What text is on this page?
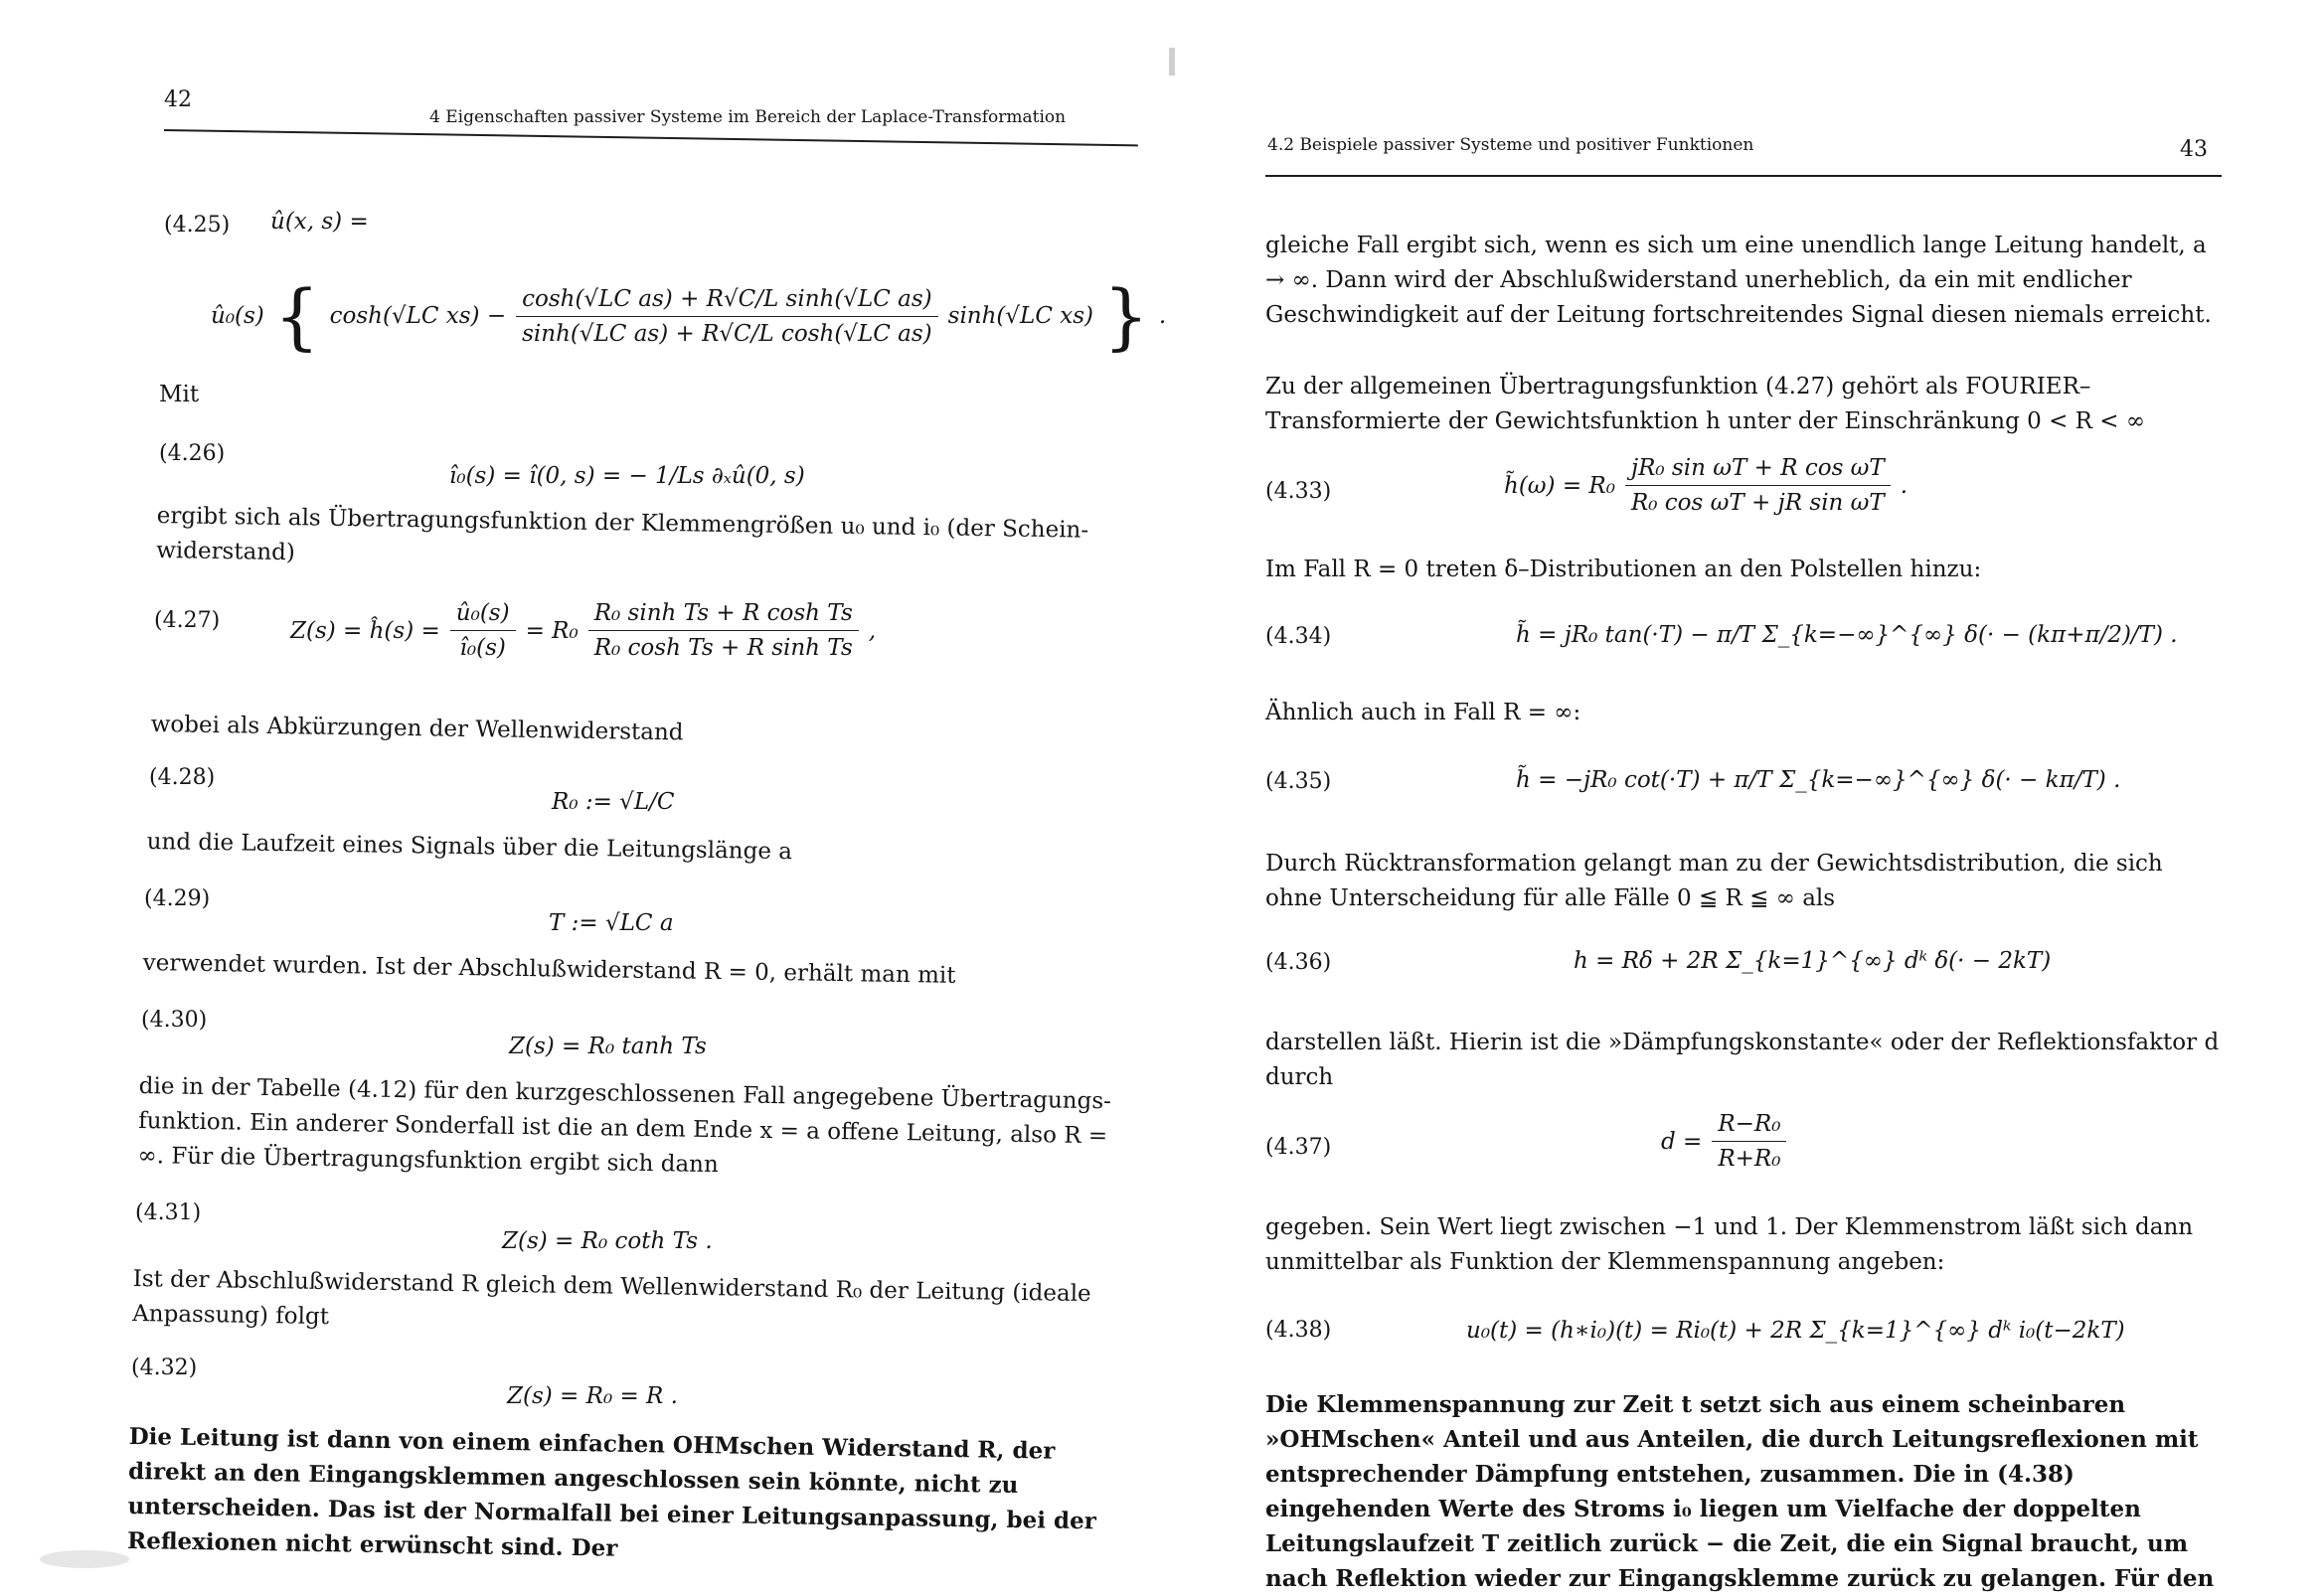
42
4 Eigenschaften passiver Systeme im Bereich der Laplace-Transformation
(4.25) û(x, s) =
û₀(s) { cosh(√LC $xs) - \frac{\text{cosh(√LC as) + R√C/L sinh(√LC as)}}{\text{sinh(√LC as) + R√C/L cosh(√LC as)}} \sinh(√LC$ xs) } .
Mit
(4.26)
î₀(s) = î(0, s) = − 1/Ls ∂ₓû(0, s)
ergibt sich als Übertragungsfunktion der Klemmengrößen u₀ und i₀ (der Scheinwiderstand)
(4.27)	Z(s) = ĥ(s) = $\frac{\text{û₀(s)}}{\text{î₀(s)}} = R_0 \frac{\text{R₀ sinh Ts + R cosh Ts}}{\text{R₀ cosh Ts + R sinh Ts}}$ ,
wobei als Abkürzungen der Wellenwiderstand
(4.28)
R₀ := √L/C
und die Laufzeit eines Signals über die Leitungslänge a
(4.29)
T := √LC a
verwendet wurden. Ist der Abschlußwiderstand R = 0, erhält man mit
(4.30)
Z(s) = R₀ tanh Ts
die in der Tabelle (4.12) für den kurzgeschlossenen Fall angegebene Übertragungsfunktion. Ein anderer Sonderfall ist die an dem Ende x = a offene Leitung, also R = ∞. Für die Übertragungsfunktion ergibt sich dann
(4.31)
Z(s) = R₀ coth Ts .
Ist der Abschlußwiderstand R gleich dem Wellenwiderstand R₀ der Leitung (ideale Anpassung) folgt
(4.32)
Z(s) = R₀ = R .
Die Leitung ist dann von einem einfachen OHMschen Widerstand R, der direkt an den Eingangsklemmen angeschlossen sein könnte, nicht zu unterscheiden. Das ist der Normalfall bei einer Leitungsanpassung, bei der Reflexionen nicht erwünscht sind. Der
4.2 Beispiele passiver Systeme und positiver Funktionen	43
gleiche Fall ergibt sich, wenn es sich um eine unendlich lange Leitung handelt, a → ∞. Dann wird der Abschlußwiderstand unerheblich, da ein mit endlicher Geschwindigkeit auf der Leitung fortschreitendes Signal diesen niemals erreicht.
Zu der allgemeinen Übertragungsfunktion (4.27) gehört als FOURIER–Transformierte der Gewichtsfunktion h unter der Einschränkung 0 < R < ∞
(4.33)	h̃(ω) = $R_0 \frac{\text{jR₀ sin ωT + R cos ωT}}{\text{R₀ cos ωT + jR sin ωT}}$ .
Im Fall R = 0 treten δ–Distributionen an den Polstellen hinzu:
(4.34)	h̃ = jR₀ tan(·T) − π/T Σ_{k=−∞}^{∞} δ(· − (kπ+π/2)/T) .
Ähnlich auch in Fall R = ∞:
(4.35)	h̃ = −jR₀ cot(·T) + π/T Σ_{k=−∞}^{∞} δ(· − kπ/T) .
Durch Rücktransformation gelangt man zu der Gewichtsdistribution, die sich ohne Unterscheidung für alle Fälle 0 ≦ R ≦ ∞ als
(4.36)	h = Rδ + 2R Σ_{k=1}^{∞} dᵏ δ(· − 2kT)
darstellen läßt. Hierin ist die »Dämpfungskonstante« oder der Reflektionsfaktor d durch
(4.37)	$d = \frac{\text{R−R₀}}{\text{R+R₀}}$
gegeben. Sein Wert liegt zwischen −1 und 1. Der Klemmenstrom läßt sich dann unmittelbar als Funktion der Klemmenspannung angeben:
(4.38)	u₀(t) = (h∗i₀)(t) = Ri₀(t) + 2R Σ_{k=1}^{∞} dᵏ i₀(t−2kT)
Die Klemmenspannung zur Zeit t setzt sich aus einem scheinbaren »OHMschen« Anteil und aus Anteilen, die durch Leitungsreflexionen mit entsprechender Dämpfung entstehen, zusammen. Die in (4.38) eingehenden Werte des Stroms i₀ liegen um Vielfache der doppelten Leitungslaufzeit T zeitlich zurück − die Zeit, die ein Signal braucht, um nach Reflektion wieder zur Eingangsklemme zurück zu gelangen. Für den
